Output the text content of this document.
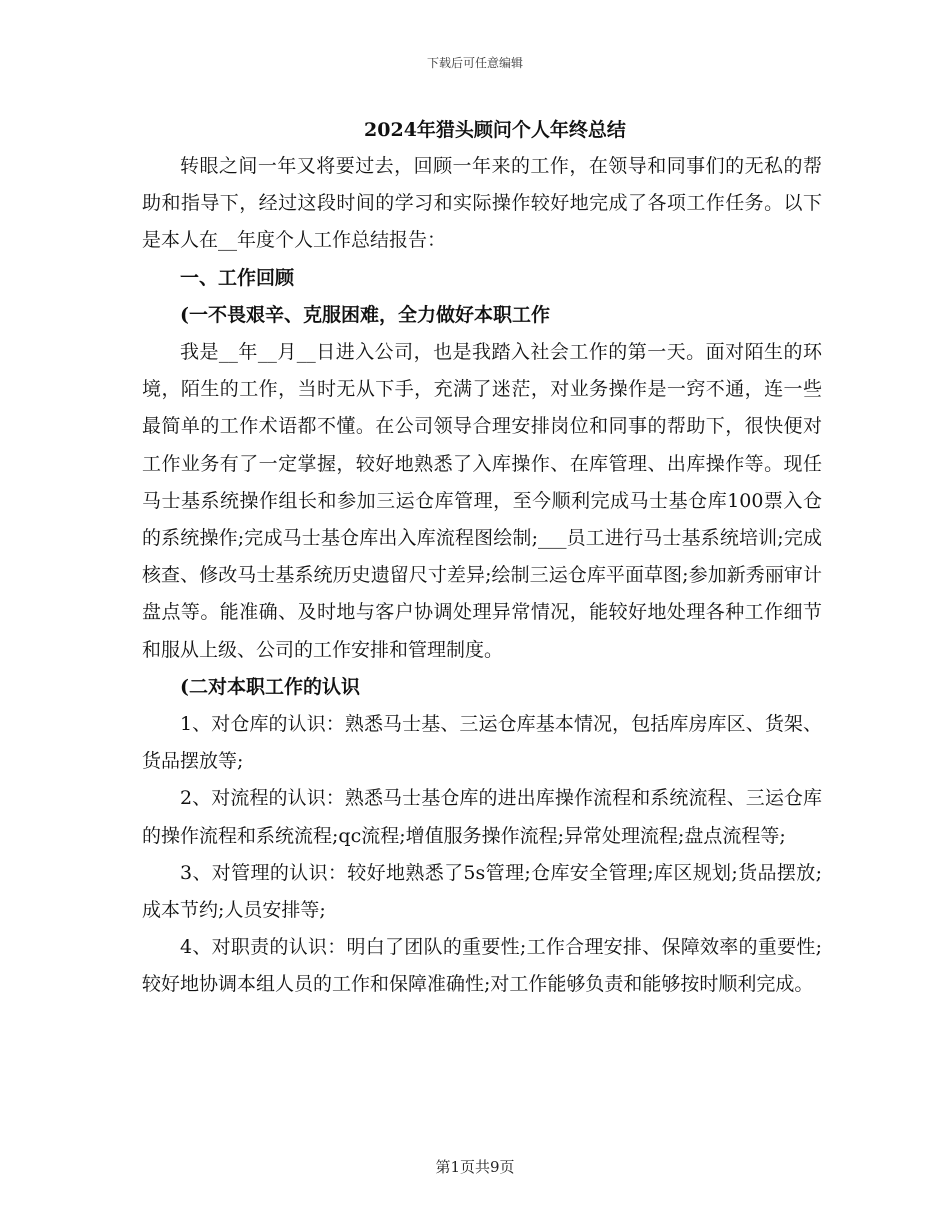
下载后可任意编辑
2024年猎头顾问个人年终总结

转眼之间一年又将要过去，回顾一年来的工作，在领导和同事们的无私的帮助和指导下，经过这段时间的学习和实际操作较好地完成了各项工作任务。以下是本人在__年度个人工作总结报告：

一、工作回顾

(一不畏艰辛、克服困难，全力做好本职工作

我是__年__月__日进入公司，也是我踏入社会工作的第一天。面对陌生的环境，陌生的工作，当时无从下手，充满了迷茫，对业务操作是一窍不通，连一些最简单的工作术语都不懂。在公司领导合理安排岗位和同事的帮助下，很快便对工作业务有了一定掌握，较好地熟悉了入库操作、在库管理、出库操作等。现任马士基系统操作组长和参加三运仓库管理，至今顺利完成马士基仓库100票入仓的系统操作;完成马士基仓库出入库流程图绘制;___员工进行马士基系统培训;完成核查、修改马士基系统历史遗留尺寸差异;绘制三运仓库平面草图;参加新秀丽审计盘点等。能准确、及时地与客户协调处理异常情况，能较好地处理各种工作细节和服从上级、公司的工作安排和管理制度。

(二对本职工作的认识

1、对仓库的认识：熟悉马士基、三运仓库基本情况，包括库房库区、货架、货品摆放等;

2、对流程的认识：熟悉马士基仓库的进出库操作流程和系统流程、三运仓库的操作流程和系统流程;qc流程;增值服务操作流程;异常处理流程;盘点流程等;

3、对管理的认识：较好地熟悉了5s管理;仓库安全管理;库区规划;货品摆放;成本节约;人员安排等;

4、对职责的认识：明白了团队的重要性;工作合理安排、保障效率的重要性;较好地协调本组人员的工作和保障准确性;对工作能够负责和能够按时顺利完成。

第1页共9页
